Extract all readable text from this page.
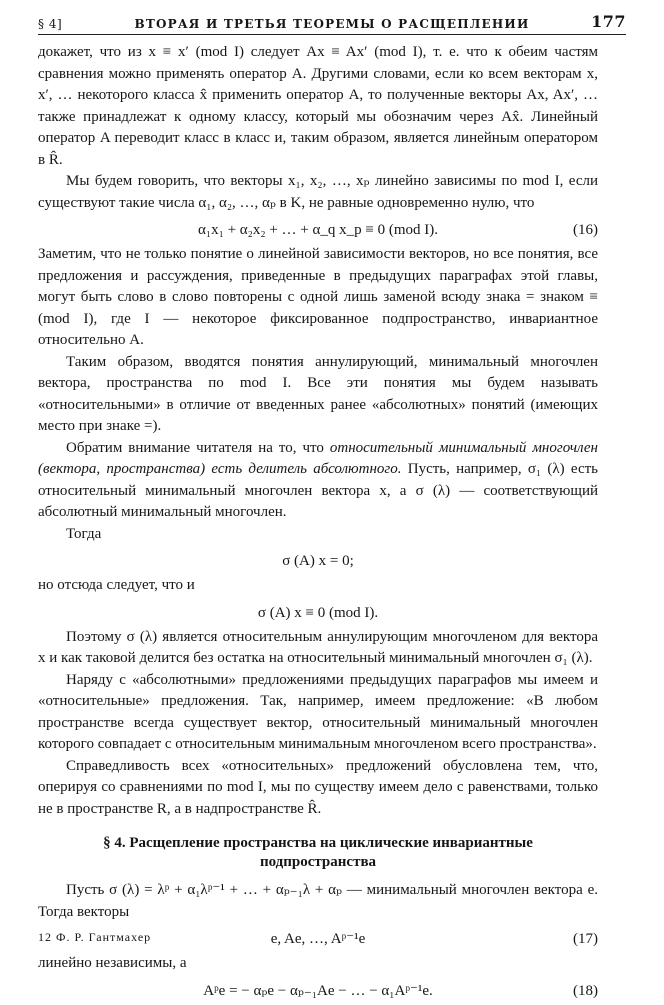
§ 4]	ВТОРАЯ И ТРЕТЬЯ ТЕОРЕМЫ О РАСЩЕПЛЕНИИ	177

докажет, что из x ≡ x′ (mod I) следует Ax ≡ Ax′ (mod I), т. е. что к обеим частям сравнения можно применять оператор A. Другими словами, если ко всем векторам x, x′, … некоторого класса x̂ применить оператор A, то полученные векторы Ax, Ax′, … также принадлежат к одному классу, который мы обозначим через Ax̂. Линейный оператор A переводит класс в класс и, таким образом, является линейным оператором в R̂.

Мы будем говорить, что векторы x₁, x₂, …, xₚ линейно зависимы по mod I, если существуют такие числа α₁, α₂, …, αₚ в K, не равные одновременно нулю, что

α₁x₁ + α₂x₂ + … + α_q x_p ≡ 0 (mod I).	(16)

Заметим, что не только понятие о линейной зависимости векторов, но все понятия, все предложения и рассуждения, приведенные в предыдущих параграфах этой главы, могут быть слово в слово повторены с одной лишь заменой всюду знака = знаком ≡ (mod I), где I — некоторое фиксированное подпространство, инвариантное относительно A.

Таким образом, вводятся понятия аннулирующий, минимальный многочлен вектора, пространства по mod I. Все эти понятия мы будем называть «относительными» в отличие от введенных ранее «абсолютных» понятий (имеющих место при знаке =).

Обратим внимание читателя на то, что относительный минимальный многочлен (вектора, пространства) есть делитель абсолютного. Пусть, например, σ₁ (λ) есть относительный минимальный многочлен вектора x, а σ (λ) — соответствующий абсолютный минимальный многочлен.

Тогда

σ (A) x = 0;

но отсюда следует, что и

σ (A) x ≡ 0 (mod I).

Поэтому σ (λ) является относительным аннулирующим многочленом для вектора x и как таковой делится без остатка на относительный минимальный многочлен σ₁ (λ).

Наряду с «абсолютными» предложениями предыдущих параграфов мы имеем и «относительные» предложения. Так, например, имеем предложение: «В любом пространстве всегда существует вектор, относительный минимальный многочлен которого совпадает с относительным минимальным многочленом всего пространства».

Справедливость всех «относительных» предложений обусловлена тем, что, оперируя со сравнениями по mod I, мы по существу имеем дело с равенствами, только не в пространстве R, а в надпространстве R̂.

§ 4. Расщепление пространства на циклические инвариантные
подпространства

Пусть σ (λ) = λᵖ + α₁λᵖ⁻¹ + … + αₚ₋₁λ + αₚ — минимальный многочлен вектора e. Тогда векторы

e, Ae, …, Aᵖ⁻¹e	(17)

линейно независимы, а

Aᵖe = − αₚe − αₚ₋₁Ae − … − α₁Aᵖ⁻¹e.	(18)
12 Ф. Р. Гантмахер
